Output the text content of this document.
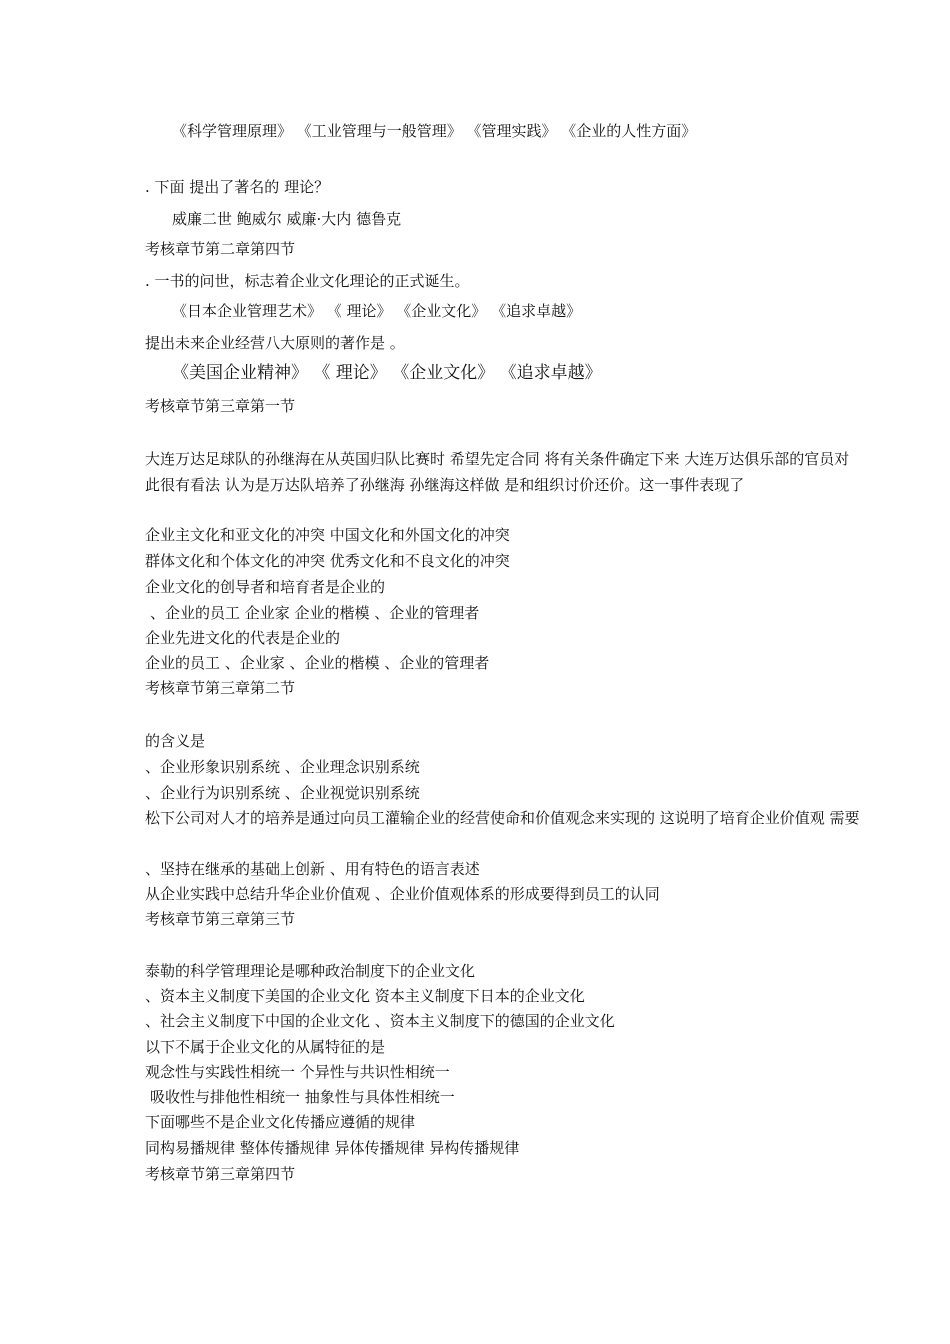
《科学管理原理》 《工业管理与一般管理》 《管理实践》 《企业的人性方面》
. 下面 提出了著名的 理论？
威廉二世 鲍威尔 威廉·大内 德鲁克
考核章节第二章第四节
. 一书的问世，标志着企业文化理论的正式诞生。
《日本企业管理艺术》 《 理论》 《企业文化》 《追求卓越》
提出未来企业经营八大原则的著作是 。
《美国企业精神》 《 理论》 《企业文化》 《追求卓越》
考核章节第三章第一节
大连万达足球队的孙继海在从英国归队比赛时 希望先定合同 将有关条件确定下来 大连万达俱乐部的官员对此很有看法 认为是万达队培养了孙继海 孙继海这样做 是和组织讨价还价。这一事件表现了
企业主文化和亚文化的冲突 中国文化和外国文化的冲突
群体文化和个体文化的冲突 优秀文化和不良文化的冲突
企业文化的创导者和培育者是企业的
、企业的员工 企业家 企业的楷模 、企业的管理者
企业先进文化的代表是企业的
企业的员工 、企业家 、企业的楷模 、企业的管理者
考核章节第三章第二节
的含义是
、企业形象识别系统 、企业理念识别系统
、企业行为识别系统 、企业视觉识别系统
松下公司对人才的培养是通过向员工灌输企业的经营使命和价值观念来实现的 这说明了培育企业价值观 需要
、坚持在继承的基础上创新 、用有特色的语言表述
从企业实践中总结升华企业价值观 、企业价值观体系的形成要得到员工的认同
考核章节第三章第三节
泰勒的科学管理理论是哪种政治制度下的企业文化
、资本主义制度下美国的企业文化 资本主义制度下日本的企业文化
、社会主义制度下中国的企业文化 、资本主义制度下的德国的企业文化
以下不属于企业文化的从属特征的是
观念性与实践性相统一 个异性与共识性相统一
吸收性与排他性相统一 抽象性与具体性相统一
下面哪些不是企业文化传播应遵循的规律
同构易播规律 整体传播规律 异体传播规律 异构传播规律
考核章节第三章第四节
